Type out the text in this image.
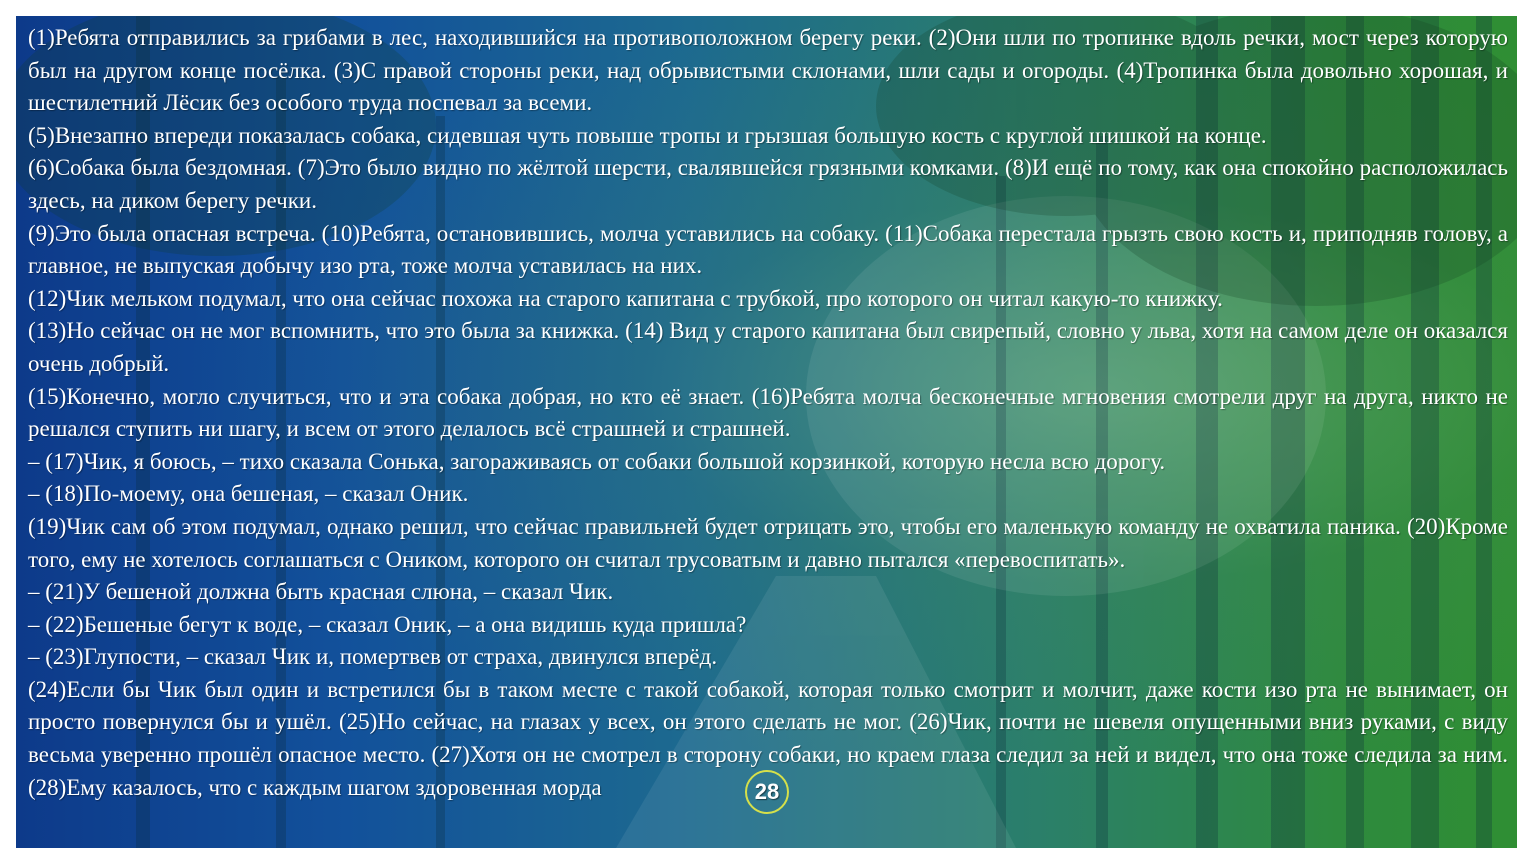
(1)Ребята отправились за грибами в лес, находившийся на противоположном берегу реки. (2)Они шли по тропинке вдоль речки, мост через которую был на другом конце посёлка. (3)С правой стороны реки, над обрывистыми склонами, шли сады и огороды. (4)Тропинка была довольно хорошая, и шестилетний Лёсик без особого труда поспевал за всеми.

(5)Внезапно впереди показалась собака, сидевшая чуть повыше тропы и грызшая большую кость с круглой шишкой на конце.

(6)Собака была бездомная. (7)Это было видно по жёлтой шерсти, свалявшейся грязными комками. (8)И ещё по тому, как она спокойно расположилась здесь, на диком берегу речки.

(9)Это была опасная встреча. (10)Ребята, остановившись, молча уставились на собаку. (11)Собака перестала грызть свою кость и, приподняв голову, а главное, не выпуская добычу изо рта, тоже молча уставилась на них.

(12)Чик мельком подумал, что она сейчас похожа на старого капитана с трубкой, про которого он читал какую-то книжку.

(13)Но сейчас он не мог вспомнить, что это была за книжка. (14) Вид у старого капитана был свирепый, словно у льва, хотя на самом деле он оказался очень добрый.

(15)Конечно, могло случиться, что и эта собака добрая, но кто её знает. (16)Ребята молча бесконечные мгновения смотрели друг на друга, никто не решался ступить ни шагу, и всем от этого делалось всё страшней и страшней.

– (17)Чик, я боюсь, – тихо сказала Сонька, загораживаясь от собаки большой корзинкой, которую несла всю дорогу.

– (18)По-моему, она бешеная, – сказал Оник.

(19)Чик сам об этом подумал, однако решил, что сейчас правильней будет отрицать это, чтобы его маленькую команду не охватила паника. (20)Кроме того, ему не хотелось соглашаться с Оником, которого он считал трусоватым и давно пытался «перевоспитать».

– (21)У бешеной должна быть красная слюна, – сказал Чик.

– (22)Бешеные бегут к воде, – сказал Оник, – а она видишь куда пришла?

– (23)Глупости, – сказал Чик и, помертвев от страха, двинулся вперёд.

(24)Если бы Чик был один и встретился бы в таком месте с такой собакой, которая только смотрит и молчит, даже кости изо рта не вынимает, он просто повернулся бы и ушёл. (25)Но сейчас, на глазах у всех, он этого сделать не мог. (26)Чик, почти не шевеля опущенными вниз руками, с виду весьма уверенно прошёл опасное место. (27)Хотя он не смотрел в сторону собаки, но краем глаза следил за ней и видел, что она тоже следила за ним. (28)Ему казалось, что с каждым шагом здоровенная морда	28
